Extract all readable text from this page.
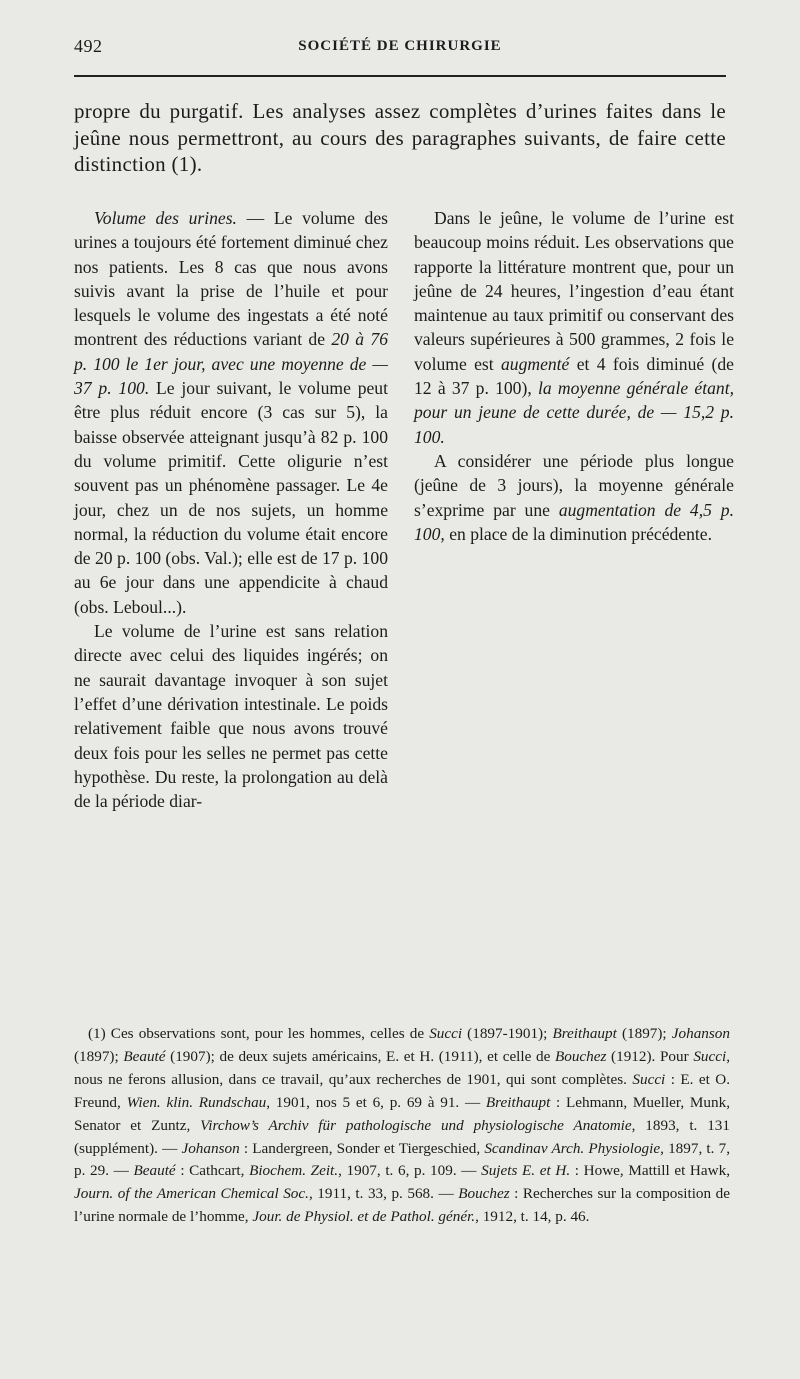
492	SOCIÉTÉ DE CHIRURGIE
propre du purgatif. Les analyses assez complètes d’urines faites dans le jeûne nous permettront, au cours des paragraphes suivants, de faire cette distinction (1).

Volume des urines. — Le volume des urines a toujours été fortement diminué chez nos patients. Les 8 cas que nous avons suivis avant la prise de l’huile et pour lesquels le volume des ingestats a été noté montrent des réductions variant de 20 à 76 p. 100 le 1er jour, avec une moyenne de — 37 p. 100. Le jour suivant, le volume peut être plus réduit encore (3 cas sur 5), la baisse observée atteignant jusqu’à 82 p. 100 du volume primitif. Cette oligurie n’est souvent pas un phénomène passager. Le 4e jour, chez un de nos sujets, un homme normal, la réduction du volume était encore de 20 p. 100 (obs. Val.); elle est de 17 p. 100 au 6e jour dans une appendicite à chaud (obs. Leboul...).

Le volume de l’urine est sans relation directe avec celui des liquides ingérés; on ne saurait davantage invoquer à son sujet l’effet d’une dérivation intestinale. Le poids relativement faible que nous avons trouvé deux fois pour les selles ne permet pas cette hypothèse. Du reste, la prolongation au delà de la période diar-

Dans le jeûne, le volume de l’urine est beaucoup moins réduit. Les observations que rapporte la littérature montrent que, pour un jeûne de 24 heures, l’ingestion d’eau étant maintenue au taux primitif ou conservant des valeurs supérieures à 500 grammes, 2 fois le volume est augmenté et 4 fois diminué (de 12 à 37 p. 100), la moyenne générale étant, pour un jeune de cette durée, de — 15,2 p. 100.

A considérer une période plus longue (jeûne de 3 jours), la moyenne générale s’exprime par une augmentation de 4,5 p. 100, en place de la diminution précédente.

(1) Ces observations sont, pour les hommes, celles de Succi (1897-1901); Breithaupt (1897); Johanson (1897); Beauté (1907); de deux sujets américains, E. et H. (1911), et celle de Bouchez (1912). Pour Succi, nous ne ferons allusion, dans ce travail, qu’aux recherches de 1901, qui sont complètes. Succi : E. et O. Freund, Wien. klin. Rundschau, 1901, nos 5 et 6, p. 69 à 91. — Breithaupt : Lehmann, Mueller, Munk, Senator et Zuntz, Virchow’s Archiv für pathologische und physiologische Anatomie, 1893, t. 131 (supplément). — Johanson : Landergreen, Sonder et Tiergeschied, Scandinav Arch. Physiologie, 1897, t. 7, p. 29. — Beauté : Cathcart, Biochem. Zeit., 1907, t. 6, p. 109. — Sujets E. et H. : Howe, Mattill et Hawk, Journ. of the American Chemical Soc., 1911, t. 33, p. 568. — Bouchez : Recherches sur la composition de l’urine normale de l’homme, Jour. de Physiol. et de Pathol. génér., 1912, t. 14, p. 46.
